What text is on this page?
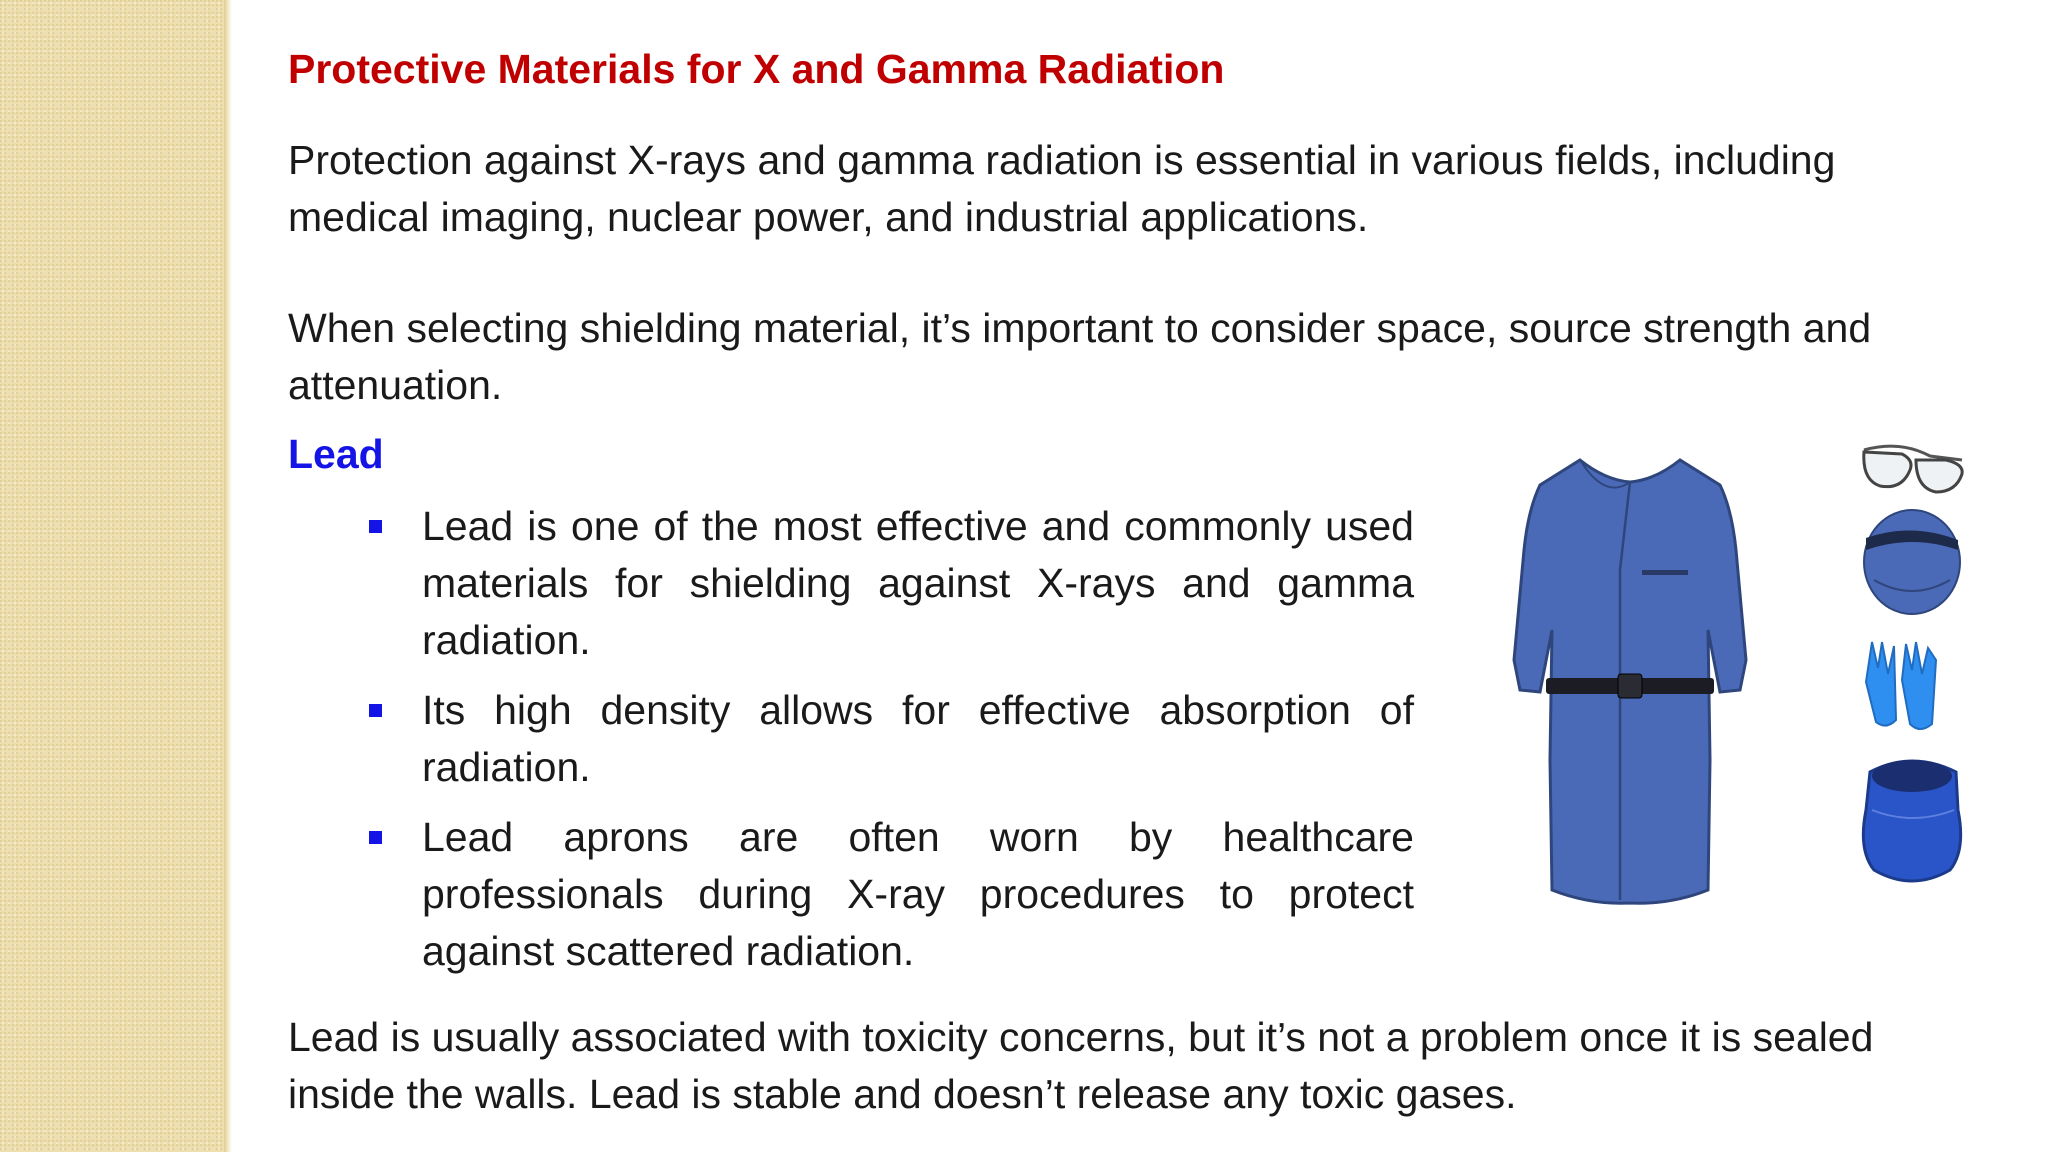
Protective Materials for X and Gamma Radiation
Protection against X-rays and gamma radiation is essential in various fields, including medical imaging, nuclear power, and industrial applications.
When selecting shielding material, it’s important to consider space, source strength and attenuation.
Lead
Lead is one of the most effective and commonly used materials for shielding against X-rays and gamma radiation.
Its high density allows for effective absorption of radiation.
Lead aprons are often worn by healthcare professionals during X-ray procedures to protect against scattered radiation.
Lead is usually associated with toxicity concerns, but it’s not a problem once it is sealed inside the walls. Lead is stable and doesn’t release any toxic gases.
